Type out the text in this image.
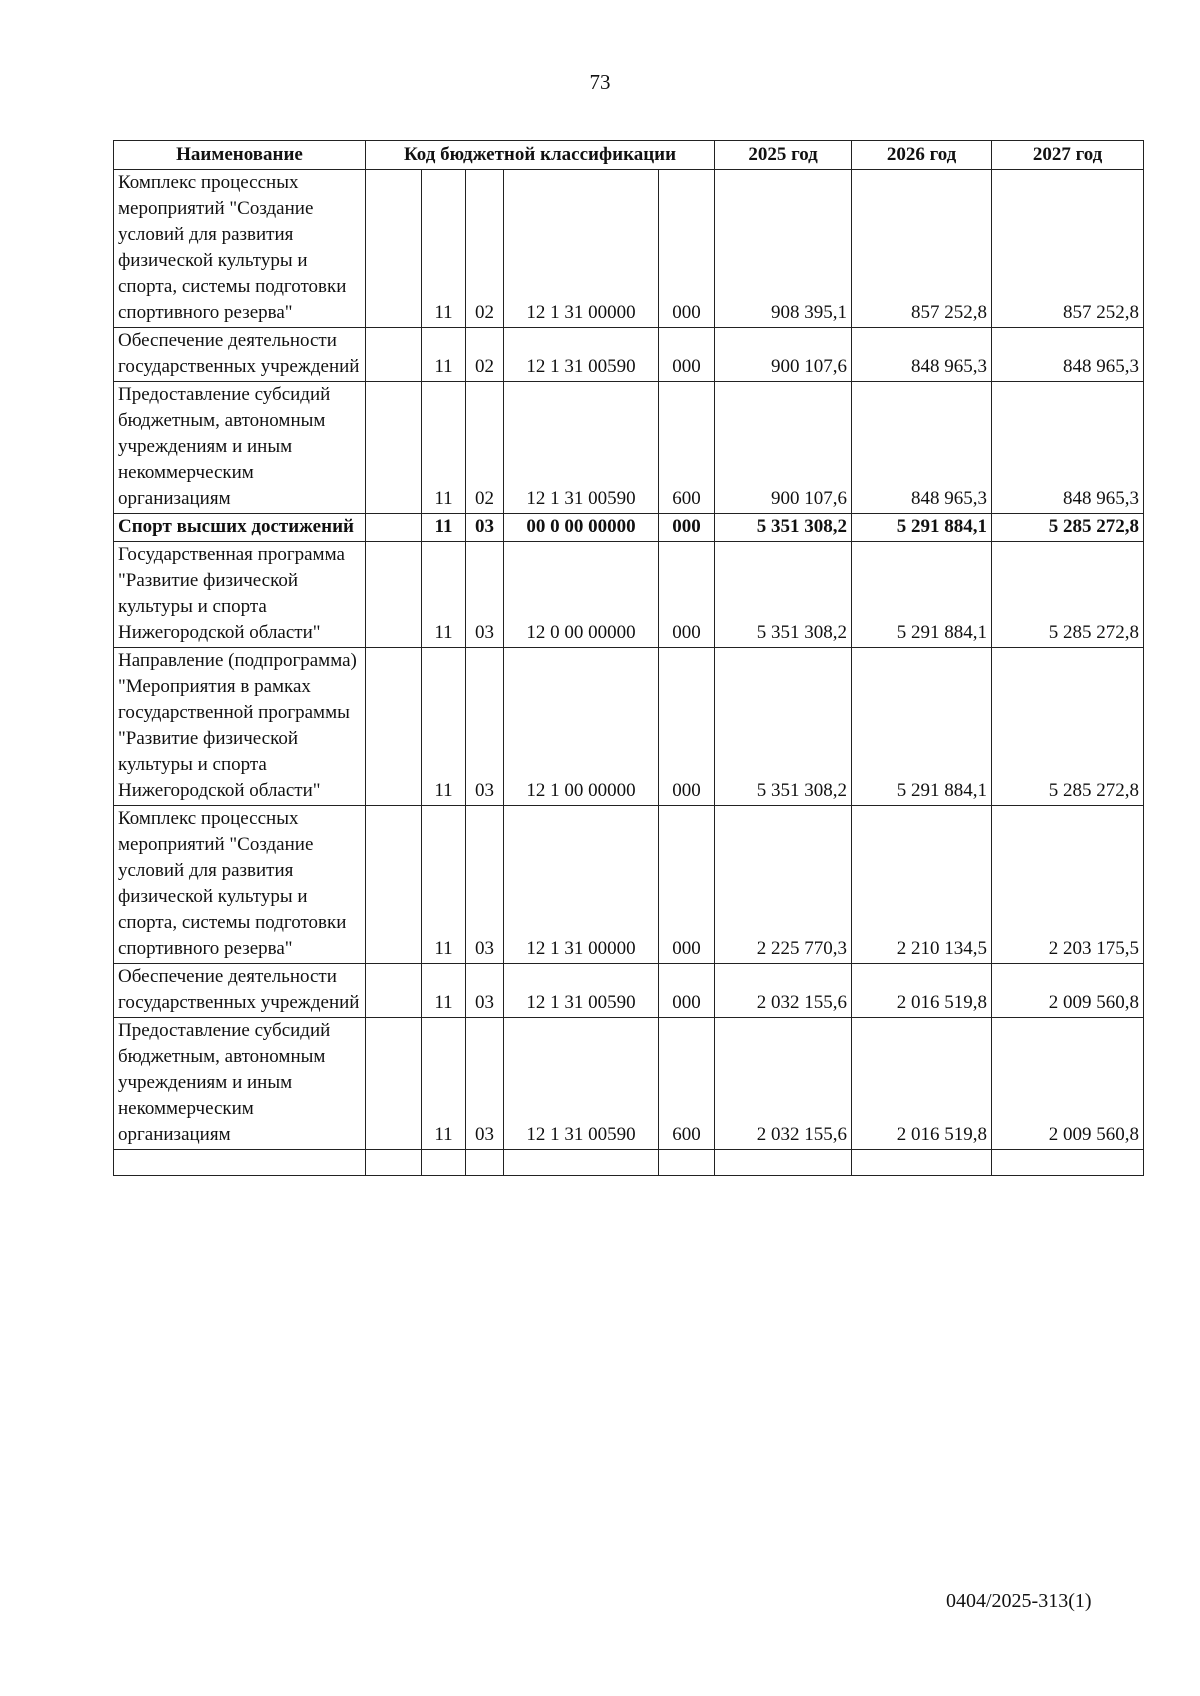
73
Наименование	Код бюджетной классификации					2025 год	2026 год	2027 год
Комплекс процессных мероприятий "Создание условий для развития физической культуры и спорта, системы подготовки спортивного резерва"		11	02	12 1 31 00000	000	908 395,1	857 252,8	857 252,8
Обеспечение деятельности государственных учреждений		11	02	12 1 31 00590	000	900 107,6	848 965,3	848 965,3
Предоставление субсидий бюджетным, автономным учреждениям и иным некоммерческим организациям		11	02	12 1 31 00590	600	900 107,6	848 965,3	848 965,3
Спорт высших достижений		11	03	00 0 00 00000	000	5 351 308,2	5 291 884,1	5 285 272,8
Государственная программа "Развитие физической культуры и спорта Нижегородской области"		11	03	12 0 00 00000	000	5 351 308,2	5 291 884,1	5 285 272,8
Направление (подпрограмма) "Мероприятия в рамках государственной программы "Развитие физической культуры и спорта Нижегородской области"		11	03	12 1 00 00000	000	5 351 308,2	5 291 884,1	5 285 272,8
Комплекс процессных мероприятий "Создание условий для развития физической культуры и спорта, системы подготовки спортивного резерва"		11	03	12 1 31 00000	000	2 225 770,3	2 210 134,5	2 203 175,5
Обеспечение деятельности государственных учреждений		11	03	12 1 31 00590	000	2 032 155,6	2 016 519,8	2 009 560,8
Предоставление субсидий бюджетным, автономным учреждениям и иным некоммерческим организациям		11	03	12 1 31 00590	600	2 032 155,6	2 016 519,8	2 009 560,8

0404/2025-313(1)
